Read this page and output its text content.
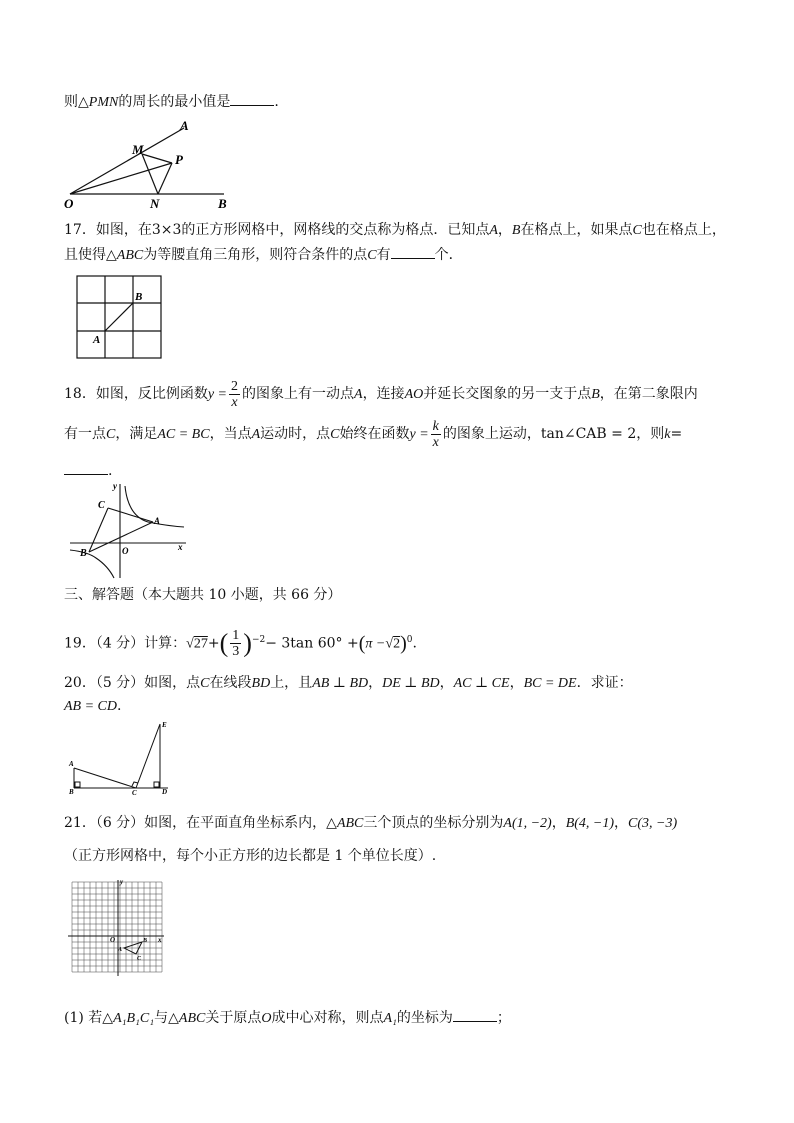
则△PMN的周长的最小值是	.
A
M
P
O	N	B
17．如图，在3×3的正方形网格中，网格线的交点称为格点．已知点A，B在格点上，如果点C也在格点上，
且使得△ABC为等腰直角三角形，则符合条件的点C有	个．
A
B
18．如图，反比例函数$y = \frac{2}{x}$ 的图象上有一动点A，连接AO并延长交图象的另一支于点B，在第二象限内
有一点C，满足AC = BC，当点A运动时，点C始终在函数$y = \frac{k}{x}$ 的图象上运动，tan∠CAB = 2，则k=
.
C
y
A
B	O	x
三、解答题（本大题共 10 小题，共 66 分）
19．（4 分）计算：$√27+( \frac{1}{3} )^{-2}- 3\tan$ $60^\circ +(\pi -√2)^0$.
20．（5 分）如图，点C在线段BD上，且AB ⊥ BD，DE ⊥ BD，AC ⊥ CE，BC = DE．求证：
AB = CD.
E
A
B	C	D
21．（6 分）如图，在平面直角坐标系内，△ABC三个顶点的坐标分别为A(1, −2)，B(4, −1)，C(3, −3)
（正方形网格中，每个小正方形的边长都是 1 个单位长度）.
y
O
A
B
C
x
(1) 若△A₁B₁C₁与△ABC关于原点O成中心对称，则点A₁的坐标为	；
